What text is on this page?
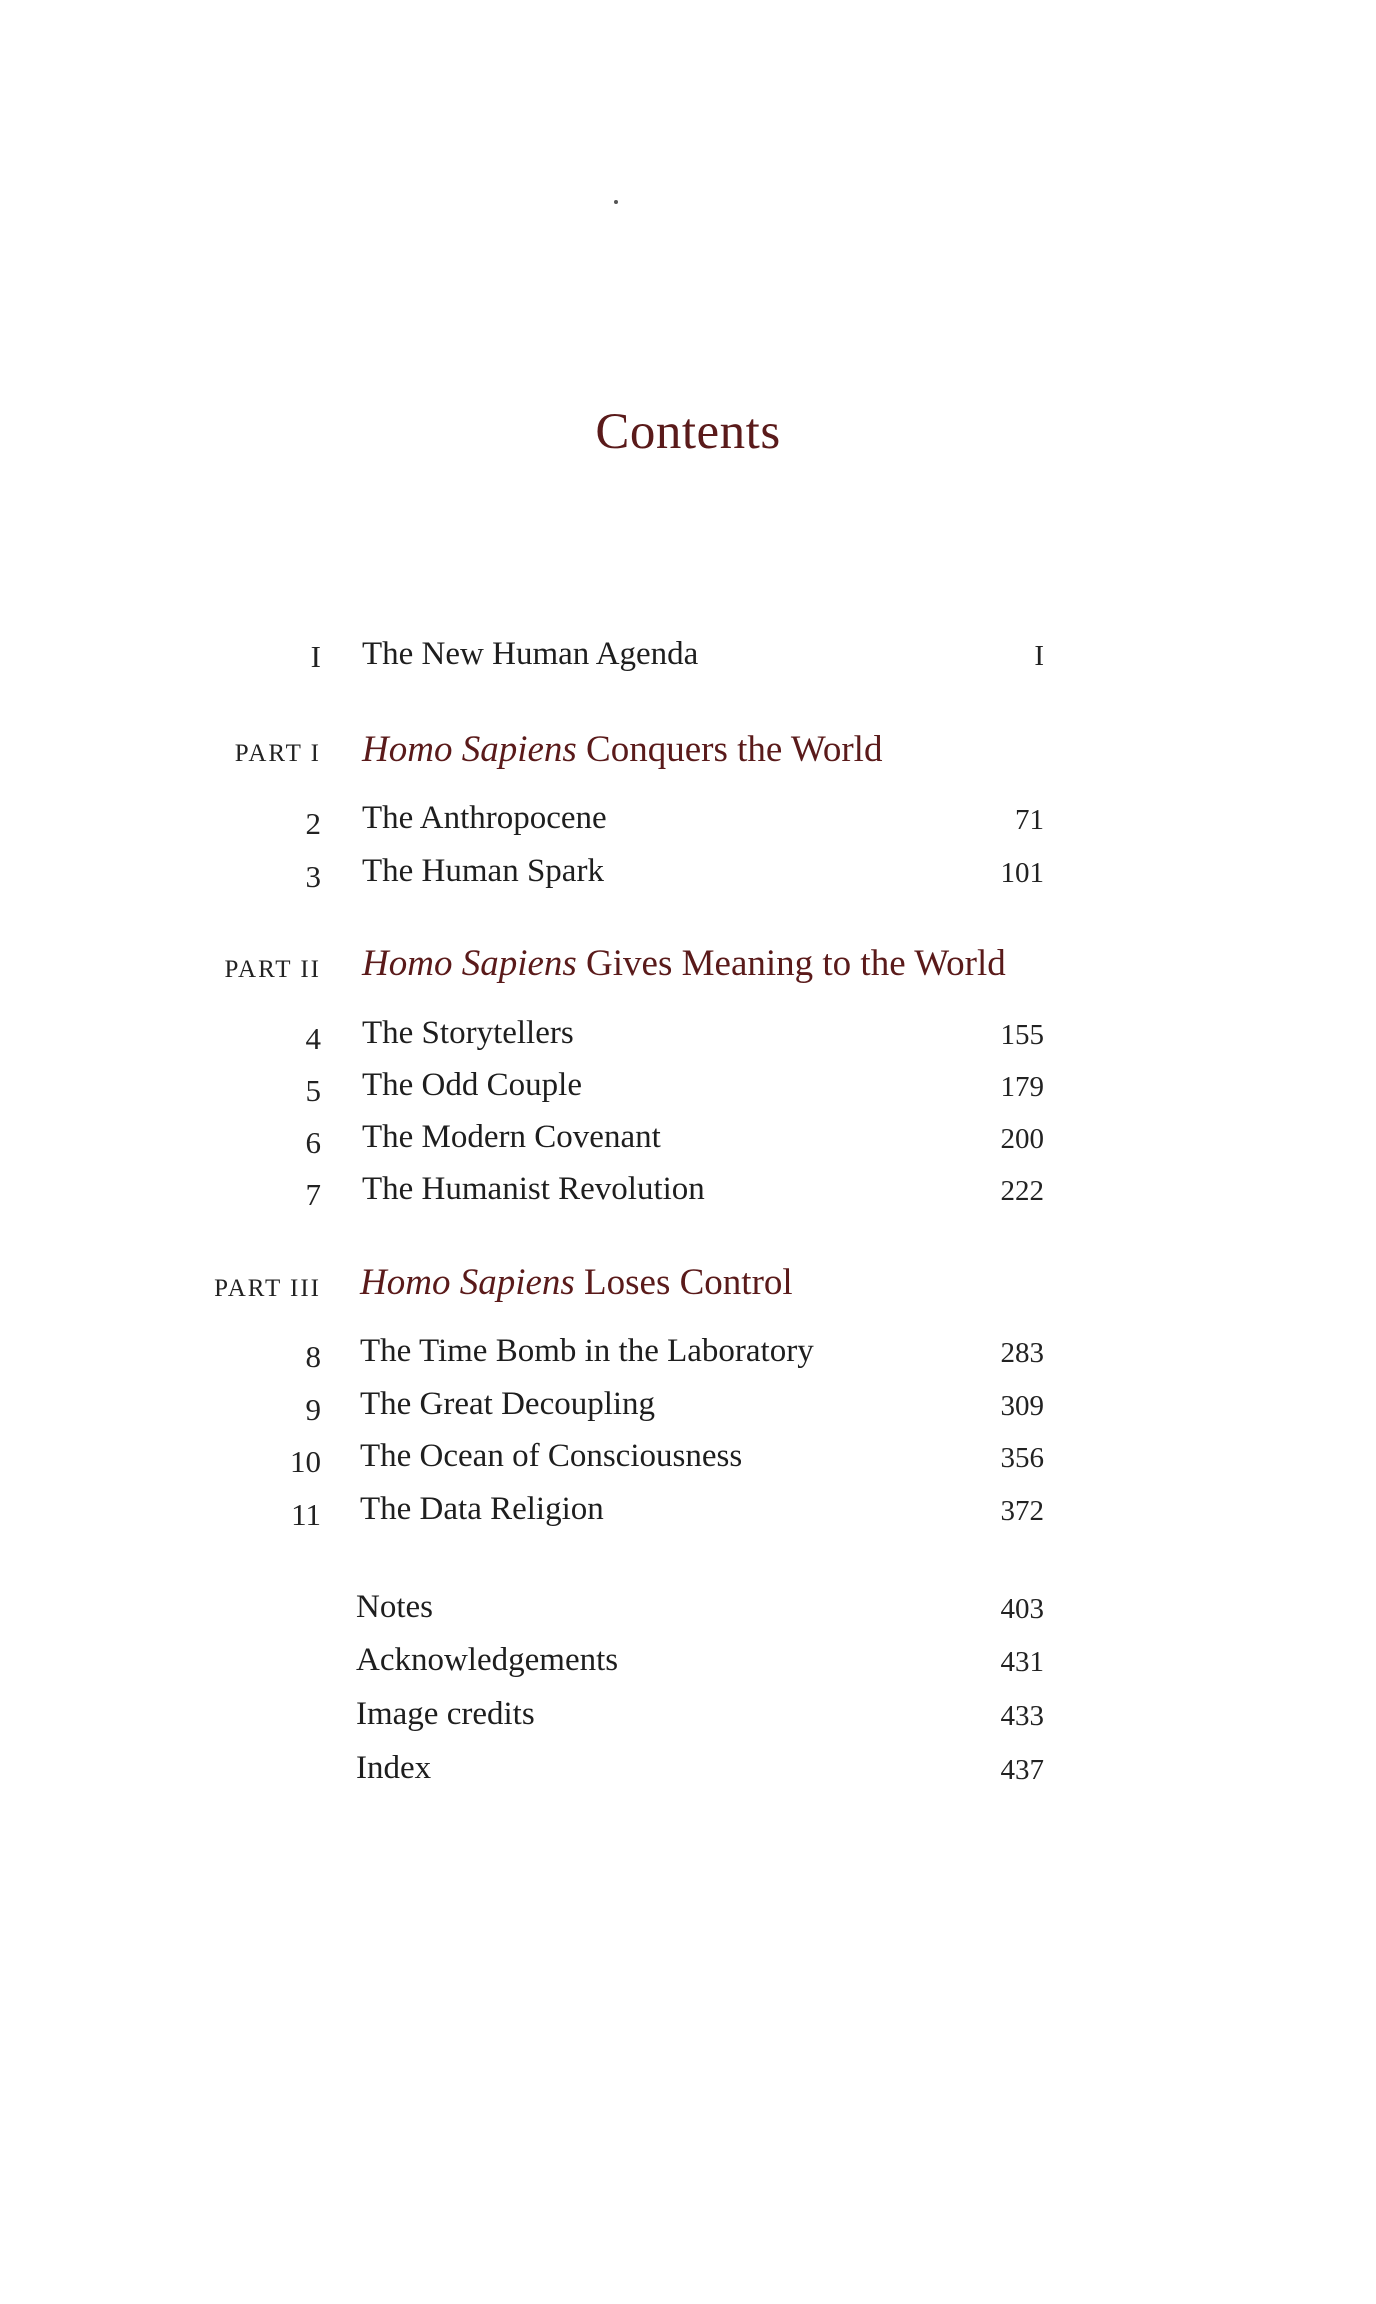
Contents
I The New Human Agenda	I
PART I Homo Sapiens Conquers the World
2 The Anthropocene	71
3 The Human Spark	101
PART II Homo Sapiens Gives Meaning to the World
4 The Storytellers	155
5 The Odd Couple	179
6 The Modern Covenant	200
7 The Humanist Revolution	222
PART III Homo Sapiens Loses Control
8 The Time Bomb in the Laboratory	283
9 The Great Decoupling	309
10 The Ocean of Consciousness	356
11 The Data Religion	372
Notes	403
Acknowledgements	431
Image credits	433
Index	437
